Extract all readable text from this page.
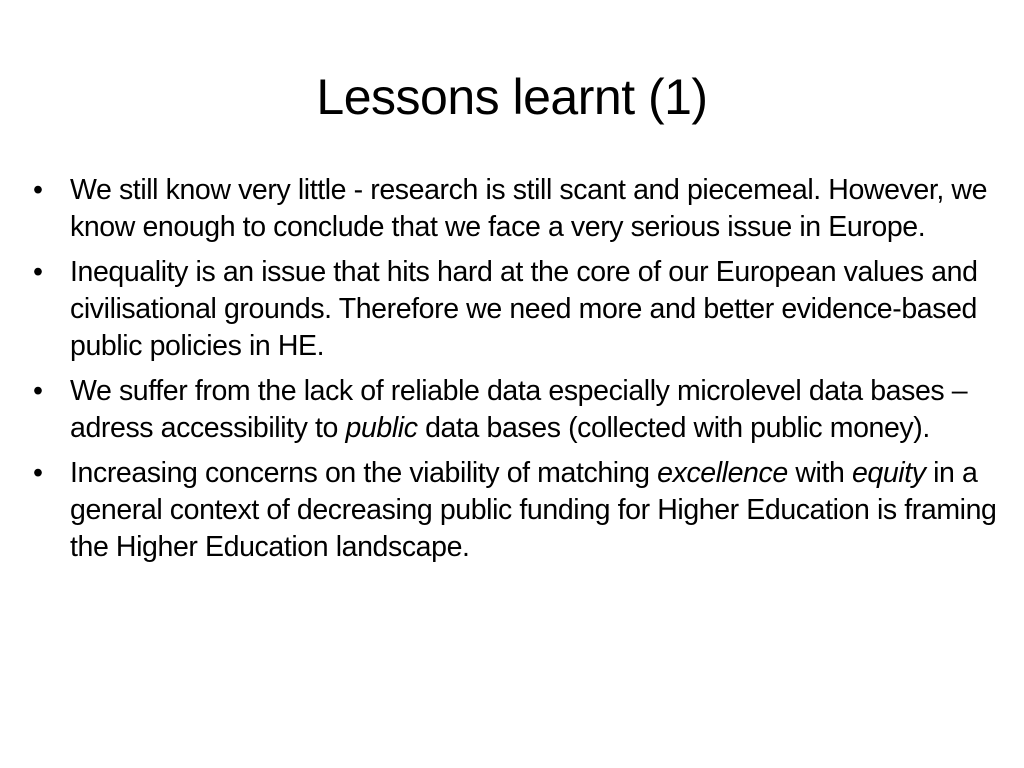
Lessons learnt (1)
• We still know very little - research is still scant and piecemeal. However, we know enough to conclude that we face a very serious issue in Europe.
• Inequality is an issue that hits hard at the core of our European values and civilisational grounds. Therefore we need more and better evidence-based public policies in HE.
• We suffer from the lack of reliable data especially microlevel data bases – adress accessibility to public data bases (collected with public money).
• Increasing concerns on the viability of matching excellence with equity in a general context of decreasing public funding for Higher Education is framing the Higher Education landscape.
